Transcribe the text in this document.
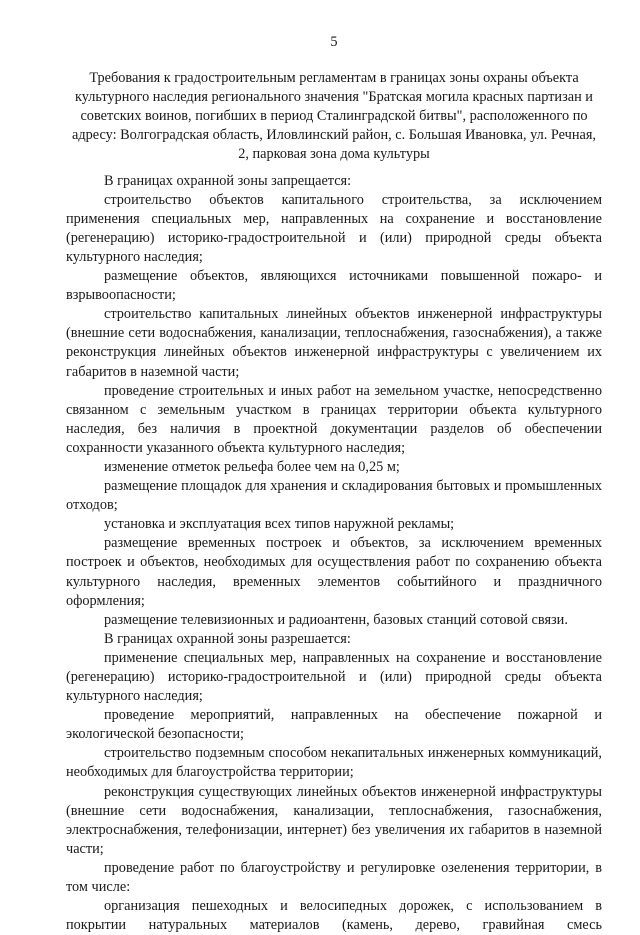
5
Требования к градостроительным регламентам в границах зоны охраны объекта культурного наследия регионального значения "Братская могила красных партизан и советских воинов, погибших в период Сталинградской битвы", расположенного по адресу: Волгоградская область, Иловлинский район, с. Большая Ивановка, ул. Речная, 2, парковая зона дома культуры

В границах охранной зоны запрещается:

строительство объектов капитального строительства, за исключением применения специальных мер, направленных на сохранение и восстановление (регенерацию) историко-градостроительной и (или) природной среды объекта культурного наследия;

размещение объектов, являющихся источниками повышенной пожаро- и взрывоопасности;

строительство капитальных линейных объектов инженерной инфраструктуры (внешние сети водоснабжения, канализации, теплоснабжения, газоснабжения), а также реконструкция линейных объектов инженерной инфраструктуры с увеличением их габаритов в наземной части;

проведение строительных и иных работ на земельном участке, непосредственно связанном с земельным участком в границах территории объекта культурного наследия, без наличия в проектной документации разделов об обеспечении сохранности указанного объекта культурного наследия;

изменение отметок рельефа более чем на 0,25 м;

размещение площадок для хранения и складирования бытовых и промышленных отходов;

установка и эксплуатация всех типов наружной рекламы;

размещение временных построек и объектов, за исключением временных построек и объектов, необходимых для осуществления работ по сохранению объекта культурного наследия, временных элементов событийного и праздничного оформления;

размещение телевизионных и радиоантенн, базовых станций сотовой связи.

В границах охранной зоны разрешается:

применение специальных мер, направленных на сохранение и восстановление (регенерацию) историко-градостроительной и (или) природной среды объекта культурного наследия;

проведение мероприятий, направленных на обеспечение пожарной и экологической безопасности;

строительство подземным способом некапитальных инженерных коммуникаций, необходимых для благоустройства территории;

реконструкция существующих линейных объектов инженерной инфраструктуры (внешние сети водоснабжения, канализации, теплоснабжения, газоснабжения, электроснабжения, телефонизации, интернет) без увеличения их габаритов в наземной части;

проведение работ по благоустройству и регулировке озеленения территории, в том числе:

организация пешеходных и велосипедных дорожек, с использованием в покрытии натуральных материалов (камень, дерево, гравийная смесь
